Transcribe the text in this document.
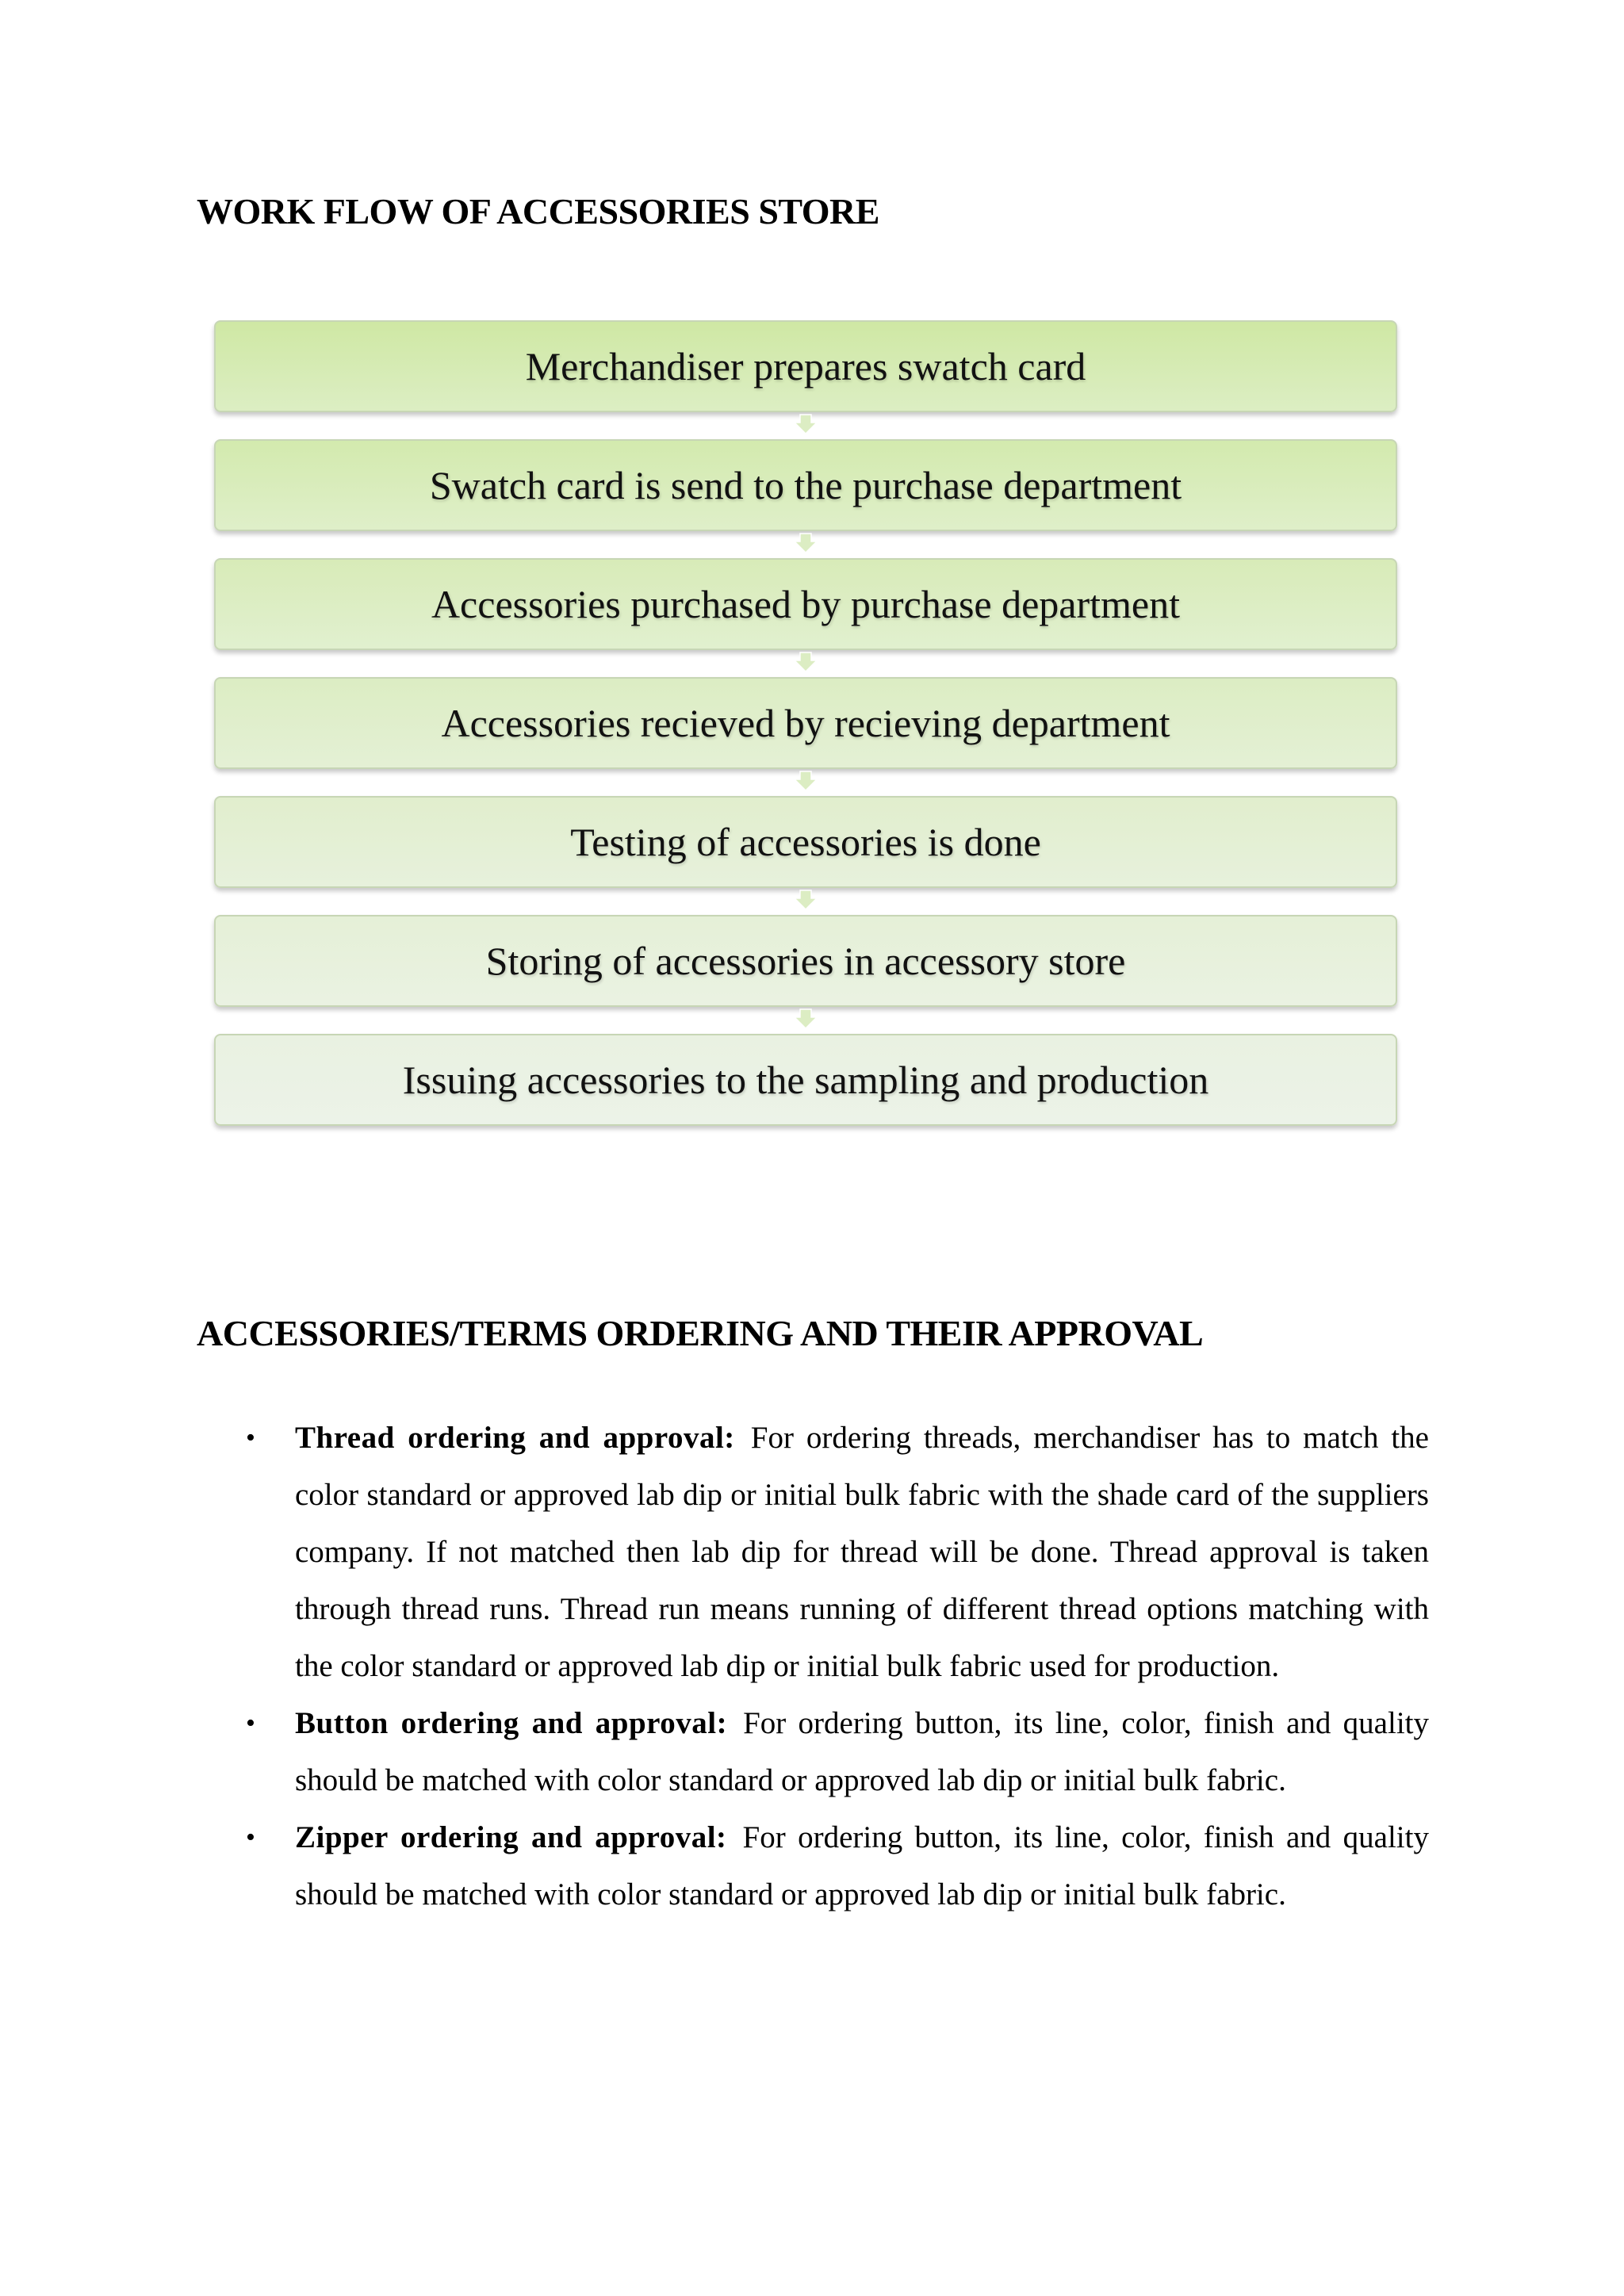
WORK FLOW OF ACCESSORIES STORE
Merchandiser prepares swatch card
Swatch card is send to the purchase department
Accessories purchased by purchase department
Accessories recieved by recieving department
Testing of accessories is done
Storing of accessories in accessory store
Issuing accessories to the sampling and production
ACCESSORIES/TERMS ORDERING AND THEIR APPROVAL
• Thread ordering and approval: For ordering threads, merchandiser has to match the color standard or approved lab dip or initial bulk fabric with the shade card of the suppliers company. If not matched then lab dip for thread will be done. Thread approval is taken through thread runs. Thread run means running of different thread options matching with the color standard or approved lab dip or initial bulk fabric used for production.
• Button ordering and approval: For ordering button, its line, color, finish and quality should be matched with color standard or approved lab dip or initial bulk fabric.
• Zipper ordering and approval: For ordering button, its line, color, finish and quality should be matched with color standard or approved lab dip or initial bulk fabric.
